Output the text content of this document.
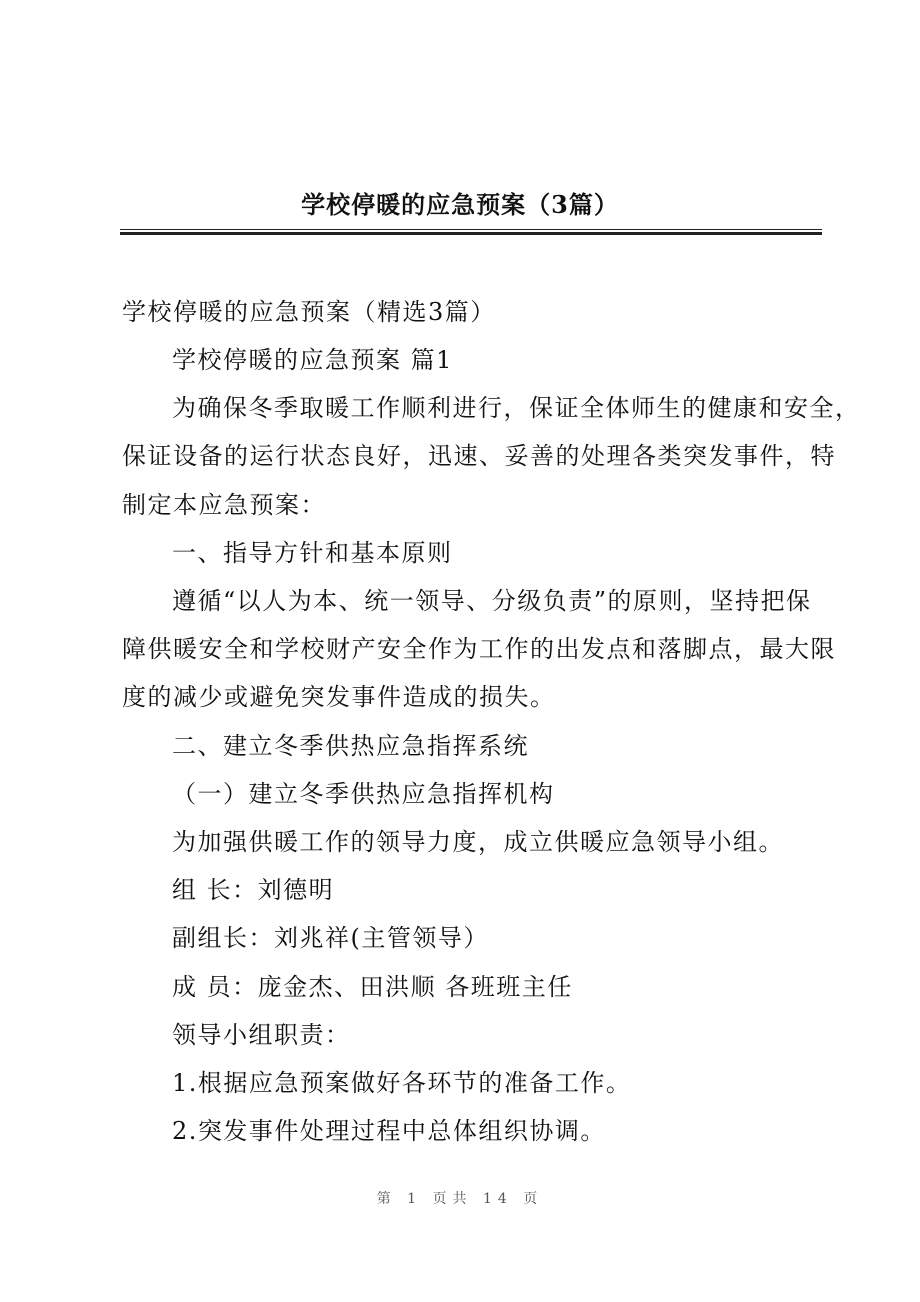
学校停暖的应急预案（3篇）
学校停暖的应急预案（精选3篇）
学校停暖的应急预案 篇1
为确保冬季取暖工作顺利进行，保证全体师生的健康和安全，
保证设备的运行状态良好，迅速、妥善的处理各类突发事件，特
制定本应急预案：
一、指导方针和基本原则
遵循“以人为本、统一领导、分级负责”的原则，坚持把保
障供暖安全和学校财产安全作为工作的出发点和落脚点，最大限
度的减少或避免突发事件造成的损失。
二、建立冬季供热应急指挥系统
（一）建立冬季供热应急指挥机构
为加强供暖工作的领导力度，成立供暖应急领导小组。
组 长：刘德明
副组长：刘兆祥(主管领导）
成 员：庞金杰、田洪顺 各班班主任
领导小组职责：
1.根据应急预案做好各环节的准备工作。
2.突发事件处理过程中总体组织协调。
第 1 页共 14 页
